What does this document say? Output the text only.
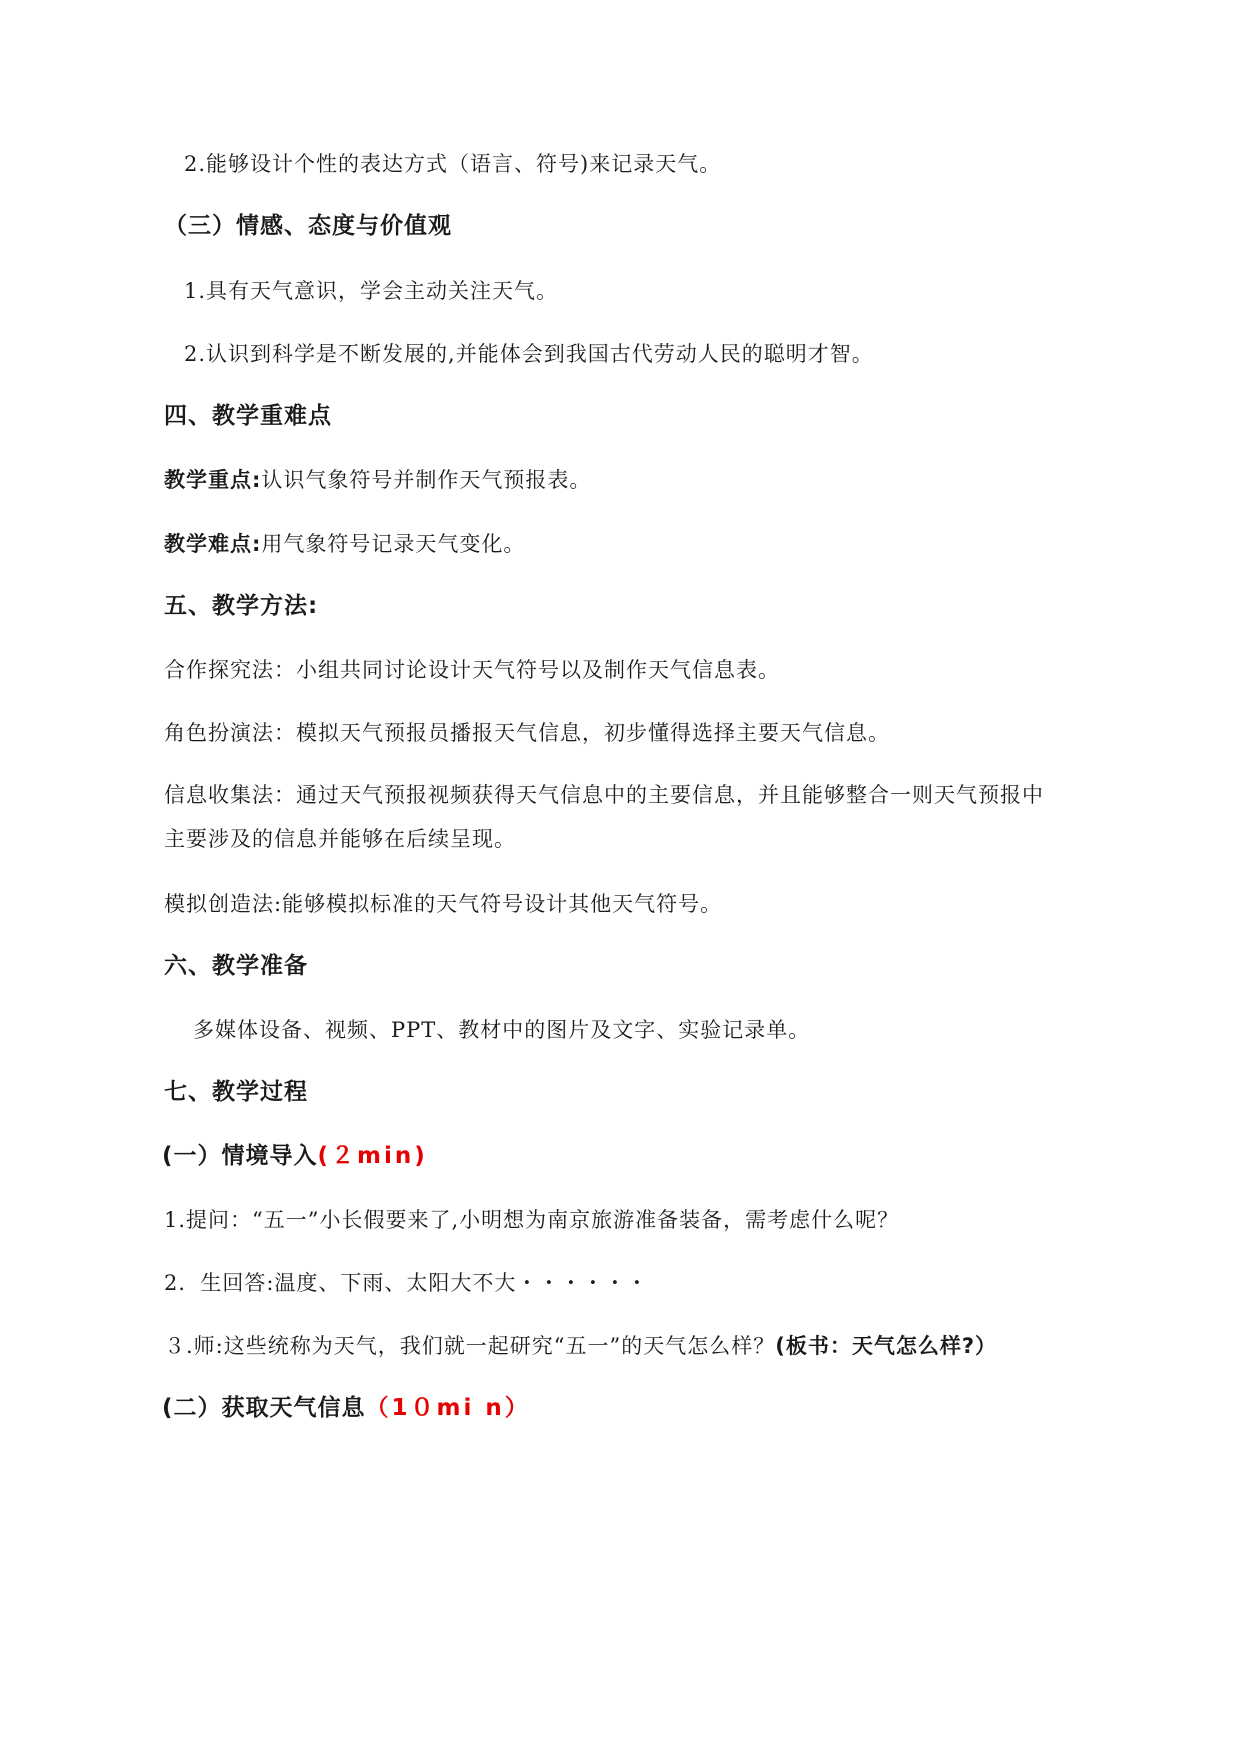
2.能够设计个性的表达方式（语言、符号)来记录天气。
（三）情感、态度与价值观
1.具有天气意识，学会主动关注天气。
2.认识到科学是不断发展的,并能体会到我国古代劳动人民的聪明才智。
四、教学重难点
教学重点:认识气象符号并制作天气预报表。
教学难点:用气象符号记录天气变化。
五、教学方法:
合作探究法：小组共同讨论设计天气符号以及制作天气信息表。
角色扮演法：模拟天气预报员播报天气信息，初步懂得选择主要天气信息。
信息收集法：通过天气预报视频获得天气信息中的主要信息，并且能够整合一则天气预报中
主要涉及的信息并能够在后续呈现。
模拟创造法:能够模拟标准的天气符号设计其他天气符号。
六、教学准备
多媒体设备、视频、PPT、教材中的图片及文字、实验记录单。
七、教学过程
(一）情境导入(２min)
1.提问：“五一”小长假要来了,小明想为南京旅游准备装备，需考虑什么呢？
2．生回答:温度、下雨、太阳大不大・・・・・・
３.师:这些统称为天气，我们就一起研究“五一”的天气怎么样？(板书：天气怎么样?）
(二）获取天气信息（1０mi n）
